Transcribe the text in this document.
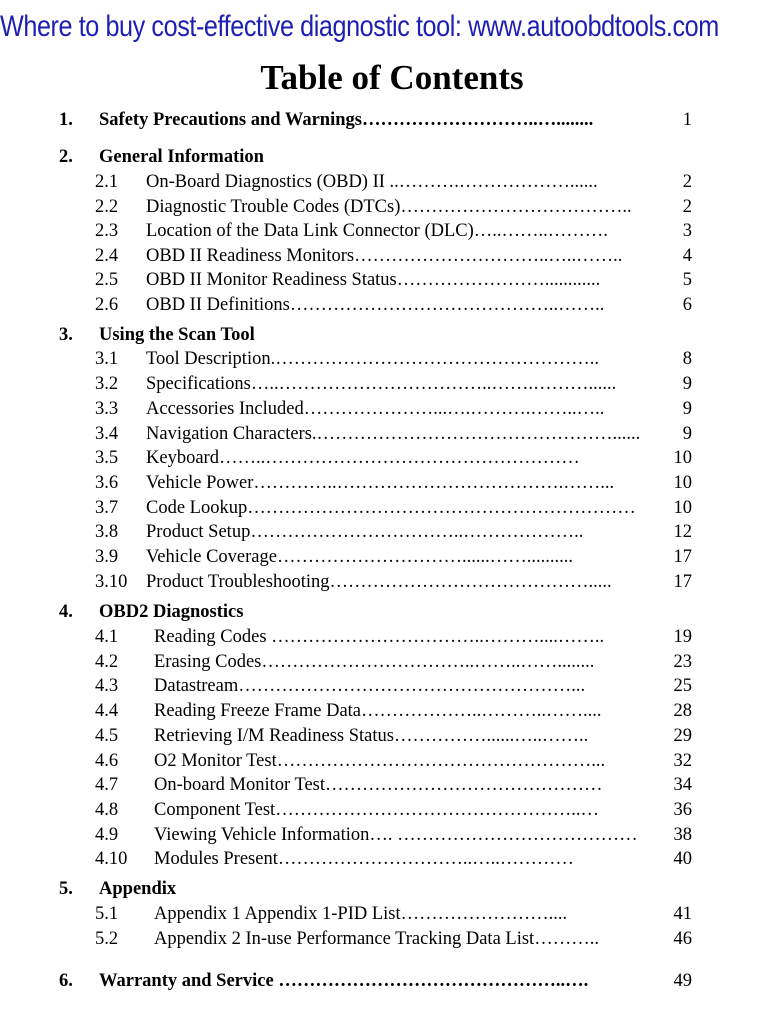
Where to buy cost-effective diagnostic tool: www.autoobdtools.com
Table of Contents
1. Safety Precautions and Warnings………………………..…........	1
2. General Information
2.1 On-Board Diagnostics (OBD) II ..……….………………......	2
2.2 Diagnostic Trouble Codes (DTCs)………………………………..	2
2.3 Location of the Data Link Connector (DLC)…..……..……….	3
2.4 OBD II Readiness Monitors…………………………..…..……..	4
2.5 OBD II Monitor Readiness Status……………………............	5
2.6 OBD II Definitions……………………………………..……..	6
3. Using the Scan Tool
3.1 Tool Description.……………………………………………..	8
3.2 Specifications…..……………………………..…….………......	9
3.3 Accessories Included…………………...….……….……..…..	9
3.4 Navigation Characters.…………………………………………...... 9
3.5 Keyboard……..……………………………………………	10
3.6 Vehicle Power…………..……………………………….……...	10
3.7 Code Lookup……………………………………………………… 10
3.8 Product Setup……………………………..………………..	12
3.9 Vehicle Coverage…………………………......……..........	17
3.10 Product Troubleshooting…………………………………….....	17
4. OBD2 Diagnostics
4.1 Reading Codes ……………………………..………....……..	19
4.2 Erasing Codes……………………………..……..……........	23
4.3 Datastream………………………………………………...	25
4.4 Reading Freeze Frame Data………………..………..……....	28
4.5 Retrieving I/M Readiness Status……………......…..……..	29
4.6 O2 Monitor Test……………………………………………...	32
4.7 On-board Monitor Test………………………………………	34
4.8 Component Test…………………………………………..…	36
4.9 Viewing Vehicle Information…. ………………………………… 38
4.10 Modules Present…………………………..…..…………	40
5. Appendix
5.1 Appendix 1 Appendix 1-PID List……………………....	41
5.2 Appendix 2 In-use Performance Tracking Data List………..	46
6. Warranty and Service ………………………………………..….	49
